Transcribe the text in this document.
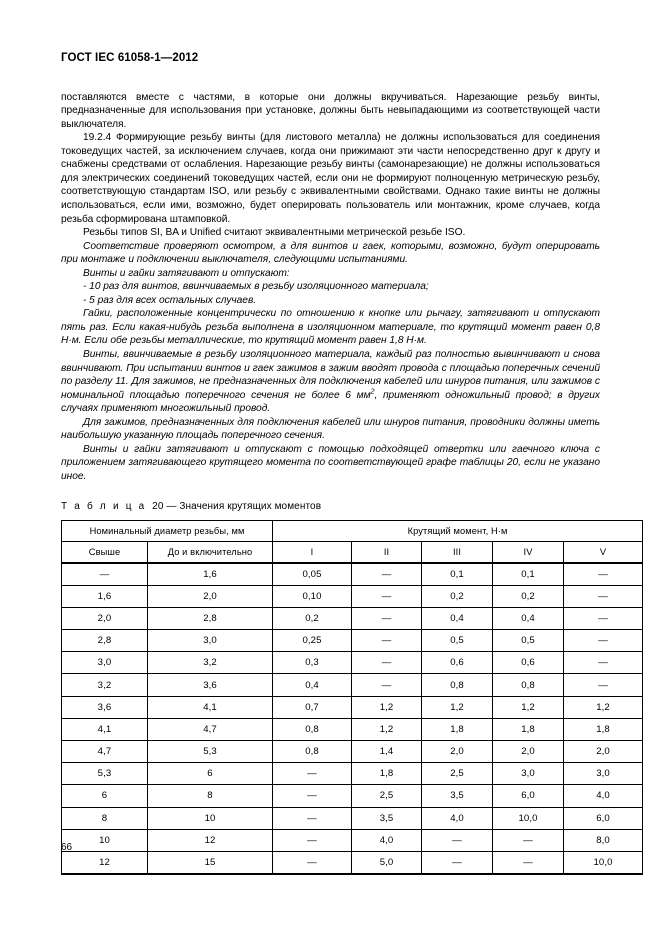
ГОСТ IEC 61058-1—2012

поставляются вместе с частями, в которые они должны вкручиваться. Нарезающие резьбу винты, предназначенные для использования при установке, должны быть невыпадающими из соответствующей части выключателя.

19.2.4 Формирующие резьбу винты (для листового металла) не должны использоваться для соединения токоведущих частей, за исключением случаев, когда они прижимают эти части непосредственно друг к другу и снабжены средствами от ослабления. Нарезающие резьбу винты (самонарезающие) не должны использоваться для электрических соединений токоведущих частей, если они не формируют полноценную метрическую резьбу, соответствующую стандартам ISO, или резьбу с эквивалентными свойствами. Однако такие винты не должны использоваться, если ими, возможно, будет оперировать пользователь или монтажник, кроме случаев, когда резьба сформирована штамповкой.

Резьбы типов SI, BA и Unified считают эквивалентными метрической резьбе ISO.

Соответствие проверяют осмотром, а для винтов и гаек, которыми, возможно, будут оперировать при монтаже и подключении выключателя, следующими испытаниями.

Винты и гайки затягивают и отпускают:

- 10 раз для винтов, ввинчиваемых в резьбу изоляционного материала;

- 5 раз для всех остальных случаев.

Гайки, расположенные концентрически по отношению к кнопке или рычагу, затягивают и отпускают пять раз. Если какая-нибудь резьба выполнена в изоляционном материале, то крутящий момент равен 0,8 Н·м. Если обе резьбы металлические, то крутящий момент равен 1,8 Н·м.

Винты, ввинчиваемые в резьбу изоляционного материала, каждый раз полностью вывинчивают и снова ввинчивают. При испытании винтов и гаек зажимов в зажим вводят провода с площадью поперечных сечений по разделу 11. Для зажимов, не предназначенных для подключения кабелей или шнуров питания, или зажимов с номинальной площадью поперечного сечения не более 6 $мм^2$, применяют одножильный провод; в других случаях применяют многожильный провод.

Для зажимов, предназначенных для подключения кабелей или шнуров питания, проводники должны иметь наибольшую указанную площадь поперечного сечения.

Винты и гайки затягивают и отпускают с помощью подходящей отвертки или гаечного ключа с приложением затягивающего крутящего момента по соответствующей графе таблицы 20, если не указано иное.

Т а б л и ц а 20 — Значения крутящих моментов
Номинальный диаметр резьбы, мм		Крутящий момент, Н·м				
Свыше	До и включительно	I	II	III	IV	V
—	1,6	0,05	—	0,1	0,1	—
1,6	2,0	0,10	—	0,2	0,2	—
2,0	2,8	0,2	—	0,4	0,4	—
2,8	3,0	0,25	—	0,5	0,5	—
3,0	3,2	0,3	—	0,6	0,6	—
3,2	3,6	0,4	—	0,8	0,8	—
3,6	4,1	0,7	1,2	1,2	1,2	1,2
4,1	4,7	0,8	1,2	1,8	1,8	1,8
4,7	5,3	0,8	1,4	2,0	2,0	2,0
5,3	6	—	1,8	2,5	3,0	3,0
6	8	—	2,5	3,5	6,0	4,0
8	10	—	3,5	4,0	10,0	6,0
10	12	—	4,0	—	—	8,0
12	15	—	5,0	—	—	10,0
66
